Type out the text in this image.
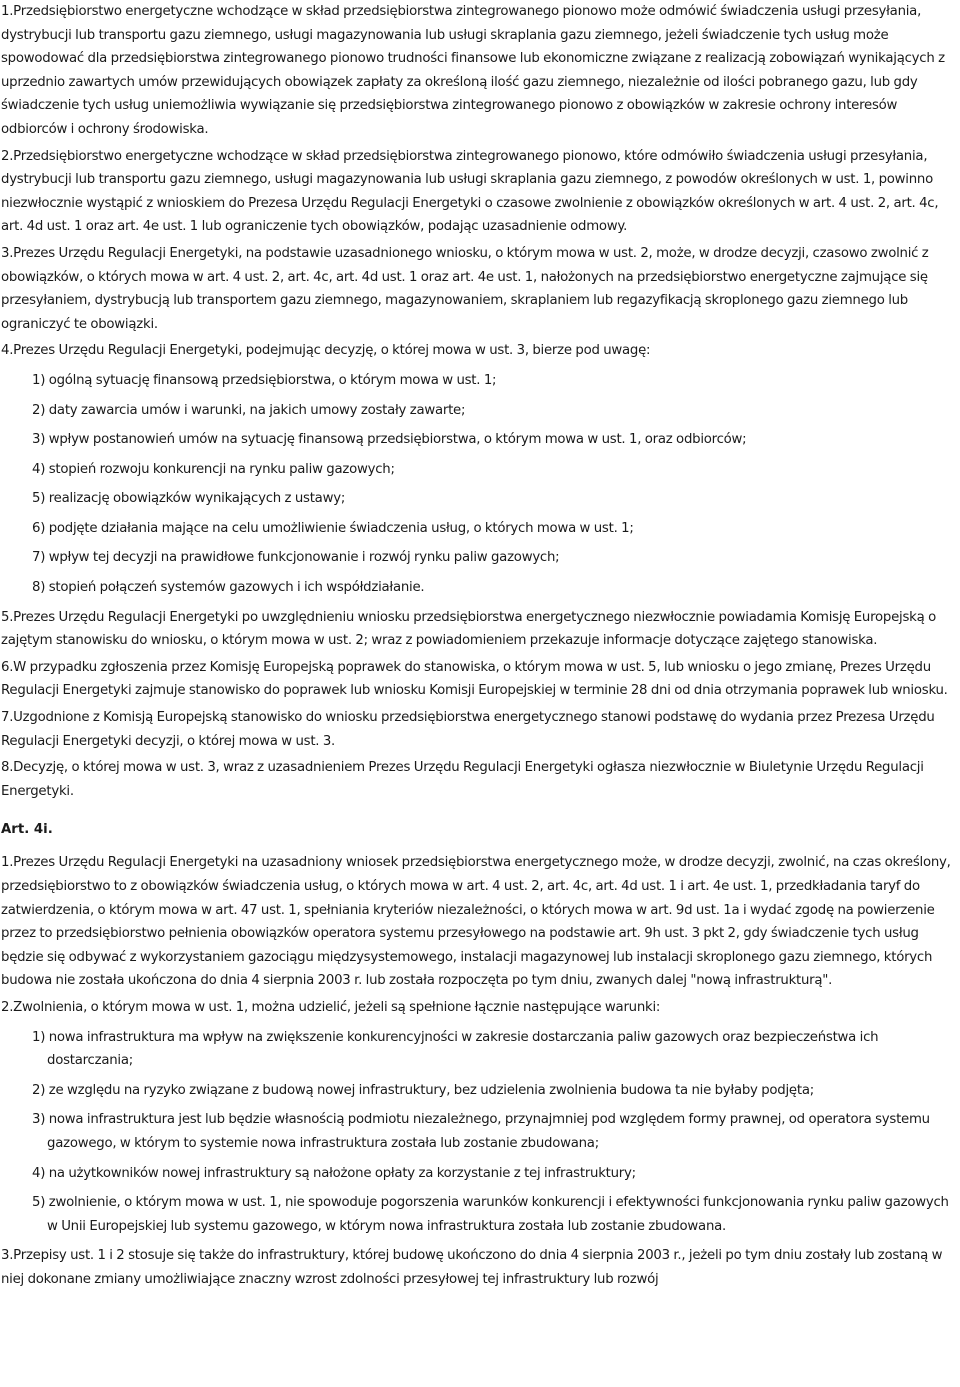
1.Przedsiębiorstwo energetyczne wchodzące w skład przedsiębiorstwa zintegrowanego pionowo może odmówić świadczenia usługi przesyłania, dystrybucji lub transportu gazu ziemnego, usługi magazynowania lub usługi skraplania gazu ziemnego, jeżeli świadczenie tych usług może spowodować dla przedsiębiorstwa zintegrowanego pionowo trudności finansowe lub ekonomiczne związane z realizacją zobowiązań wynikających z uprzednio zawartych umów przewidujących obowiązek zapłaty za określoną ilość gazu ziemnego, niezależnie od ilości pobranego gazu, lub gdy świadczenie tych usług uniemożliwia wywiązanie się przedsiębiorstwa zintegrowanego pionowo z obowiązków w zakresie ochrony interesów odbiorców i ochrony środowiska.

2.Przedsiębiorstwo energetyczne wchodzące w skład przedsiębiorstwa zintegrowanego pionowo, które odmówiło świadczenia usługi przesyłania, dystrybucji lub transportu gazu ziemnego, usługi magazynowania lub usługi skraplania gazu ziemnego, z powodów określonych w ust. 1, powinno niezwłocznie wystąpić z wnioskiem do Prezesa Urzędu Regulacji Energetyki o czasowe zwolnienie z obowiązków określonych w art. 4 ust. 2, art. 4c, art. 4d ust. 1 oraz art. 4e ust. 1 lub ograniczenie tych obowiązków, podając uzasadnienie odmowy.

3.Prezes Urzędu Regulacji Energetyki, na podstawie uzasadnionego wniosku, o którym mowa w ust. 2, może, w drodze decyzji, czasowo zwolnić z obowiązków, o których mowa w art. 4 ust. 2, art. 4c, art. 4d ust. 1 oraz art. 4e ust. 1, nałożonych na przedsiębiorstwo energetyczne zajmujące się przesyłaniem, dystrybucją lub transportem gazu ziemnego, magazynowaniem, skraplaniem lub regazyfikacją skroplonego gazu ziemnego lub ograniczyć te obowiązki.

4.Prezes Urzędu Regulacji Energetyki, podejmując decyzję, o której mowa w ust. 3, bierze pod uwagę:

1) ogólną sytuację finansową przedsiębiorstwa, o którym mowa w ust. 1;
2) daty zawarcia umów i warunki, na jakich umowy zostały zawarte;
3) wpływ postanowień umów na sytuację finansową przedsiębiorstwa, o którym mowa w ust. 1, oraz odbiorców;
4) stopień rozwoju konkurencji na rynku paliw gazowych;
5) realizację obowiązków wynikających z ustawy;
6) podjęte działania mające na celu umożliwienie świadczenia usług, o których mowa w ust. 1;
7) wpływ tej decyzji na prawidłowe funkcjonowanie i rozwój rynku paliw gazowych;
8) stopień połączeń systemów gazowych i ich współdziałanie.

5.Prezes Urzędu Regulacji Energetyki po uwzględnieniu wniosku przedsiębiorstwa energetycznego niezwłocznie powiadamia Komisję Europejską o zajętym stanowisku do wniosku, o którym mowa w ust. 2; wraz z powiadomieniem przekazuje informacje dotyczące zajętego stanowiska.

6.W przypadku zgłoszenia przez Komisję Europejską poprawek do stanowiska, o którym mowa w ust. 5, lub wniosku o jego zmianę, Prezes Urzędu Regulacji Energetyki zajmuje stanowisko do poprawek lub wniosku Komisji Europejskiej w terminie 28 dni od dnia otrzymania poprawek lub wniosku.

7.Uzgodnione z Komisją Europejską stanowisko do wniosku przedsiębiorstwa energetycznego stanowi podstawę do wydania przez Prezesa Urzędu Regulacji Energetyki decyzji, o której mowa w ust. 3.

8.Decyzję, o której mowa w ust. 3, wraz z uzasadnieniem Prezes Urzędu Regulacji Energetyki ogłasza niezwłocznie w Biuletynie Urzędu Regulacji Energetyki.

Art. 4i.

1.Prezes Urzędu Regulacji Energetyki na uzasadniony wniosek przedsiębiorstwa energetycznego może, w drodze decyzji, zwolnić, na czas określony, przedsiębiorstwo to z obowiązków świadczenia usług, o których mowa w art. 4 ust. 2, art. 4c, art. 4d ust. 1 i art. 4e ust. 1, przedkładania taryf do zatwierdzenia, o którym mowa w art. 47 ust. 1, spełniania kryteriów niezależności, o których mowa w art. 9d ust. 1a i wydać zgodę na powierzenie przez to przedsiębiorstwo pełnienia obowiązków operatora systemu przesyłowego na podstawie art. 9h ust. 3 pkt 2, gdy świadczenie tych usług będzie się odbywać z wykorzystaniem gazociągu międzysystemowego, instalacji magazynowej lub instalacji skroplonego gazu ziemnego, których budowa nie została ukończona do dnia 4 sierpnia 2003 r. lub została rozpoczęta po tym dniu, zwanych dalej "nową infrastrukturą".

2.Zwolnienia, o którym mowa w ust. 1, można udzielić, jeżeli są spełnione łącznie następujące warunki:

1) nowa infrastruktura ma wpływ na zwiększenie konkurencyjności w zakresie dostarczania paliw gazowych oraz bezpieczeństwa ich dostarczania;
2) ze względu na ryzyko związane z budową nowej infrastruktury, bez udzielenia zwolnienia budowa ta nie byłaby podjęta;
3) nowa infrastruktura jest lub będzie własnością podmiotu niezależnego, przynajmniej pod względem formy prawnej, od operatora systemu gazowego, w którym to systemie nowa infrastruktura została lub zostanie zbudowana;
4) na użytkowników nowej infrastruktury są nałożone opłaty za korzystanie z tej infrastruktury;
5) zwolnienie, o którym mowa w ust. 1, nie spowoduje pogorszenia warunków konkurencji i efektywności funkcjonowania rynku paliw gazowych w Unii Europejskiej lub systemu gazowego, w którym nowa infrastruktura została lub zostanie zbudowana.

3.Przepisy ust. 1 i 2 stosuje się także do infrastruktury, której budowę ukończono do dnia 4 sierpnia 2003 r., jeżeli po tym dniu zostały lub zostaną w niej dokonane zmiany umożliwiające znaczny wzrost zdolności przesyłowej tej infrastruktury lub rozwój
